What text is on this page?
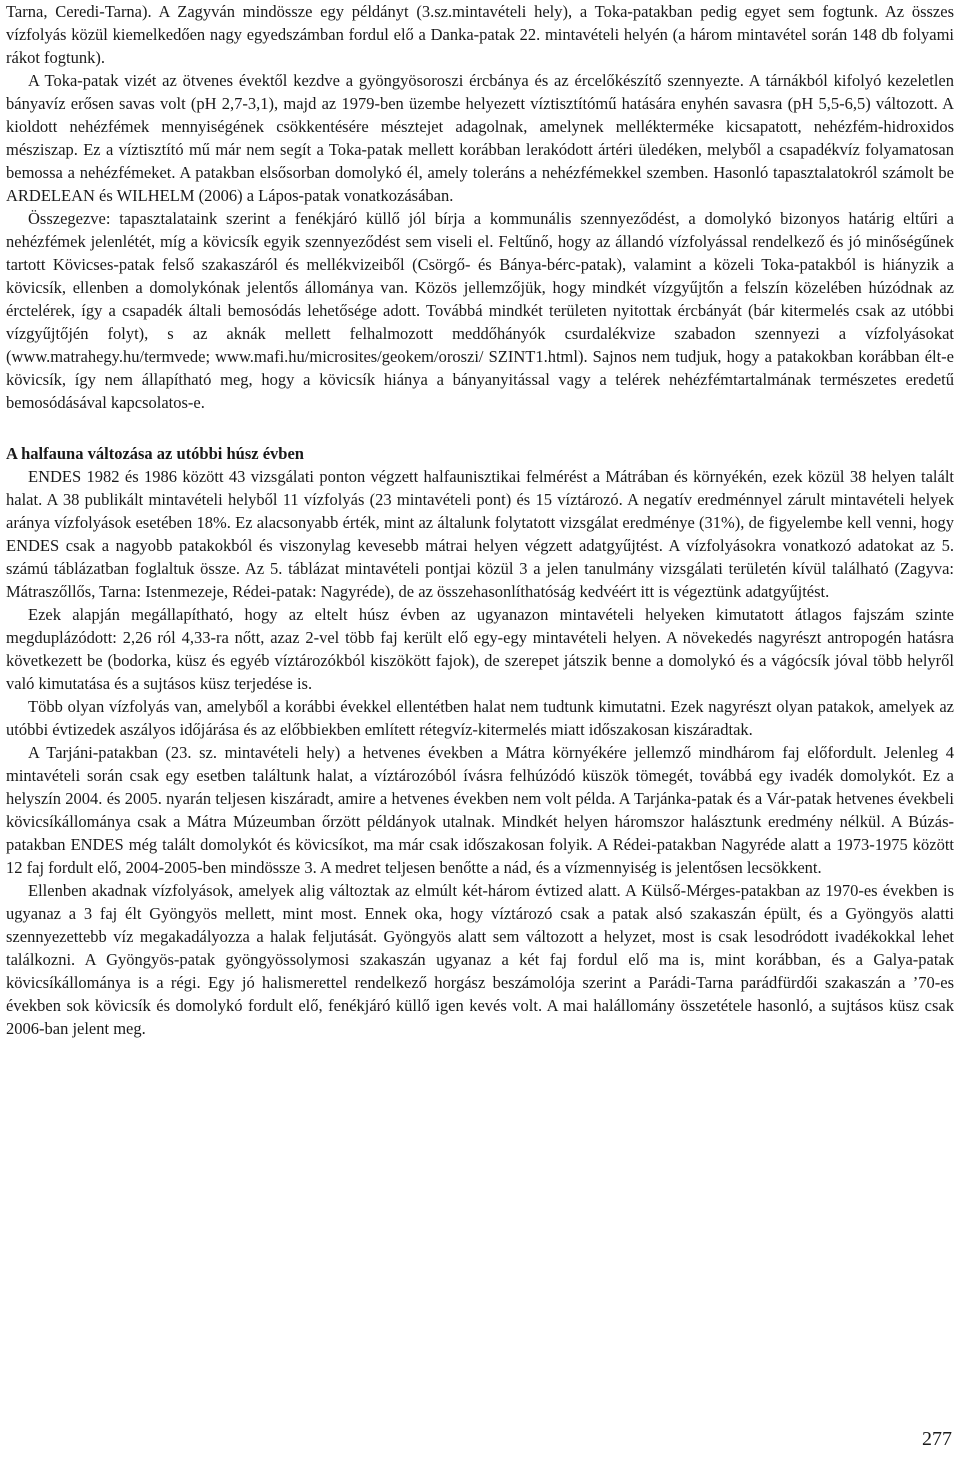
Tarna, Ceredi-Tarna). A Zagyván mindössze egy példányt (3.sz.mintavételi hely), a Toka-patakban pedig egyet sem fogtunk. Az összes vízfolyás közül kiemelkedően nagy egyedszámban fordul elő a Danka-patak 22. mintavételi helyén (a három mintavétel során 148 db folyami rákot fogtunk).

A Toka-patak vizét az ötvenes évektől kezdve a gyöngyösoroszi ércbánya és az ércelőkészítő szennyezte. A tárnákból kifolyó kezeletlen bányavíz erősen savas volt (pH 2,7-3,1), majd az 1979-ben üzembe helyezett víztisztítómű hatására enyhén savasra (pH 5,5-6,5) változott. A kioldott nehézfémek mennyiségének csökkentésére mésztejet adagolnak, amelynek mellékterméke kicsapatott, nehézfém-hidroxidos mésziszap. Ez a víztisztító mű már nem segít a Toka-patak mellett korábban lerakódott ártéri üledéken, melyből a csapadékvíz folyamatosan bemossa a nehézfémeket. A patakban elsősorban domolykó él, amely toleráns a nehézfémekkel szemben. Hasonló tapasztalatokról számolt be ARDELEAN és WILHELM (2006) a Lápos-patak vonatkozásában.

Összegezve: tapasztalataink szerint a fenékjáró küllő jól bírja a kommunális szennyeződést, a domolykó bizonyos határig eltűri a nehézfémek jelenlétét, míg a kövicsík egyik szennyeződést sem viseli el. Feltűnő, hogy az állandó vízfolyással rendelkező és jó minőségűnek tartott Kövicses-patak felső szakaszáról és mellékvizeiből (Csörgő- és Bánya-bérc-patak), valamint a közeli Toka-patakból is hiányzik a kövicsík, ellenben a domolykónak jelentős állománya van. Közös jellemzőjük, hogy mindkét vízgyűjtőn a felszín közelében húzódnak az érctelérek, így a csapadék általi bemosódás lehetősége adott. Továbbá mindkét területen nyitottak ércbányát (bár kitermelés csak az utóbbi vízgyűjtőjén folyt), s az aknák mellett felhalmozott meddőhányók csurdalékvize szabadon szennyezi a vízfolyásokat (www.matrahegy.hu/termvede; www.mafi.hu/microsites/geokem/oroszi/ SZINT1.html). Sajnos nem tudjuk, hogy a patakokban korábban élt-e kövicsík, így nem állapítható meg, hogy a kövicsík hiánya a bányanyitással vagy a telérek nehézfémtartalmának természetes eredetű bemosódásával kapcsolatos-e.

A halfauna változása az utóbbi húsz évben

ENDES 1982 és 1986 között 43 vizsgálati ponton végzett halfaunisztikai felmérést a Mátrában és környékén, ezek közül 38 helyen talált halat. A 38 publikált mintavételi helyből 11 vízfolyás (23 mintavételi pont) és 15 víztározó. A negatív eredménnyel zárult mintavételi helyek aránya vízfolyások esetében 18%. Ez alacsonyabb érték, mint az általunk folytatott vizsgálat eredménye (31%), de figyelembe kell venni, hogy ENDES csak a nagyobb patakokból és viszonylag kevesebb mátrai helyen végzett adatgyűjtést. A vízfolyásokra vonatkozó adatokat az 5. számú táblázatban foglaltuk össze. Az 5. táblázat mintavételi pontjai közül 3 a jelen tanulmány vizsgálati területén kívül található (Zagyva: Mátraszőllős, Tarna: Istenmezeje, Rédei-patak: Nagyréde), de az összehasonlíthatóság kedvéért itt is végeztünk adatgyűjtést.

Ezek alapján megállapítható, hogy az eltelt húsz évben az ugyanazon mintavételi helyeken kimutatott átlagos fajszám szinte megduplázódott: 2,26 ról 4,33-ra nőtt, azaz 2-vel több faj került elő egy-egy mintavételi helyen. A növekedés nagyrészt antropogén hatásra következett be (bodorka, küsz és egyéb víztározókból kiszökött fajok), de szerepet játszik benne a domolykó és a vágócsík jóval több helyről való kimutatása és a sujtásos küsz terjedése is.

Több olyan vízfolyás van, amelyből a korábbi évekkel ellentétben halat nem tudtunk kimutatni. Ezek nagyrészt olyan patakok, amelyek az utóbbi évtizedek aszályos időjárása és az előbbiekben említett rétegvíz-kitermelés miatt időszakosan kiszáradtak.

A Tarjáni-patakban (23. sz. mintavételi hely) a hetvenes években a Mátra környékére jellemző mindhárom faj előfordult. Jelenleg 4 mintavételi során csak egy esetben találtunk halat, a víztározóból ívásra felhúzódó küszök tömegét, továbbá egy ivadék domolykót. Ez a helyszín 2004. és 2005. nyarán teljesen kiszáradt, amire a hetvenes években nem volt példa. A Tarjánka-patak és a Vár-patak hetvenes évekbeli kövicsíkállománya csak a Mátra Múzeumban őrzött példányok utalnak. Mindkét helyen háromszor halásztunk eredmény nélkül. A Búzás-patakban ENDES még talált domolykót és kövicsíkot, ma már csak időszakosan folyik. A Rédei-patakban Nagyréde alatt a 1973-1975 között 12 faj fordult elő, 2004-2005-ben mindössze 3. A medret teljesen benőtte a nád, és a vízmennyiség is jelentősen lecsökkent.

Ellenben akadnak vízfolyások, amelyek alig változtak az elmúlt két-három évtized alatt. A Külső-Mérges-patakban az 1970-es években is ugyanaz a 3 faj élt Gyöngyös mellett, mint most. Ennek oka, hogy víztározó csak a patak alsó szakaszán épült, és a Gyöngyös alatti szennyezettebb víz megakadályozza a halak feljutását. Gyöngyös alatt sem változott a helyzet, most is csak lesodródott ivadékokkal lehet találkozni. A Gyöngyös-patak gyöngyössolymosi szakaszán ugyanaz a két faj fordul elő ma is, mint korábban, és a Galya-patak kövicsíkállománya is a régi. Egy jó halismerettel rendelkező horgász beszámolója szerint a Parádi-Tarna parádfürdői szakaszán a ’70-es években sok kövicsík és domolykó fordult elő, fenékjáró küllő igen kevés volt. A mai halállomány összetétele hasonló, a sujtásos küsz csak 2006-ban jelent meg.

277
